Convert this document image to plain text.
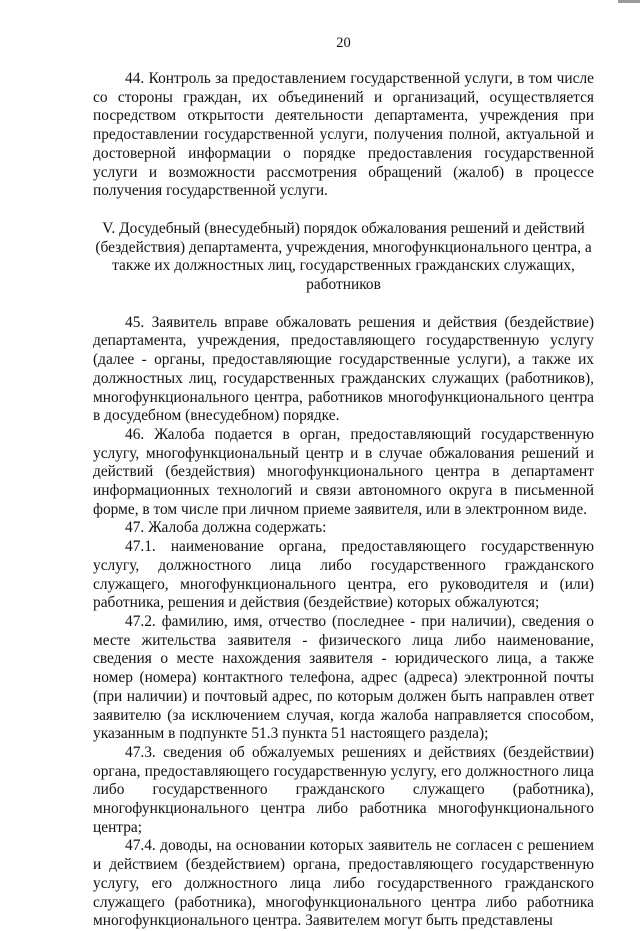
20

44. Контроль за предоставлением государственной услуги, в том числе со стороны граждан, их объединений и организаций, осуществляется посредством открытости деятельности департамента, учреждения при предоставлении государственной услуги, получения полной, актуальной и достоверной информации о порядке предоставления государственной услуги и возможности рассмотрения обращений (жалоб) в процессе получения государственной услуги.

V. Досудебный (внесудебный) порядок обжалования решений и действий (бездействия) департамента, учреждения, многофункционального центра, а также их должностных лиц, государственных гражданских служащих, работников

45. Заявитель вправе обжаловать решения и действия (бездействие) департамента, учреждения, предоставляющего государственную услугу (далее - органы, предоставляющие государственные услуги), а также их должностных лиц, государственных гражданских служащих (работников), многофункционального центра, работников многофункционального центра в досудебном (внесудебном) порядке.

46. Жалоба подается в орган, предоставляющий государственную услугу, многофункциональный центр и в случае обжалования решений и действий (бездействия) многофункционального центра в департамент информационных технологий и связи автономного округа в письменной форме, в том числе при личном приеме заявителя, или в электронном виде.

47. Жалоба должна содержать:

47.1. наименование органа, предоставляющего государственную услугу, должностного лица либо государственного гражданского служащего, многофункционального центра, его руководителя и (или) работника, решения и действия (бездействие) которых обжалуются;

47.2. фамилию, имя, отчество (последнее - при наличии), сведения о месте жительства заявителя - физического лица либо наименование, сведения о месте нахождения заявителя - юридического лица, а также номер (номера) контактного телефона, адрес (адреса) электронной почты (при наличии) и почтовый адрес, по которым должен быть направлен ответ заявителю (за исключением случая, когда жалоба направляется способом, указанным в подпункте 51.3 пункта 51 настоящего раздела);

47.3. сведения об обжалуемых решениях и действиях (бездействии) органа, предоставляющего государственную услугу, его должностного лица либо государственного гражданского служащего (работника), многофункционального центра либо работника многофункционального центра;

47.4. доводы, на основании которых заявитель не согласен с решением и действием (бездействием) органа, предоставляющего государственную услугу, его должностного лица либо государственного гражданского служащего (работника), многофункционального центра либо работника многофункционального центра. Заявителем могут быть представлены
